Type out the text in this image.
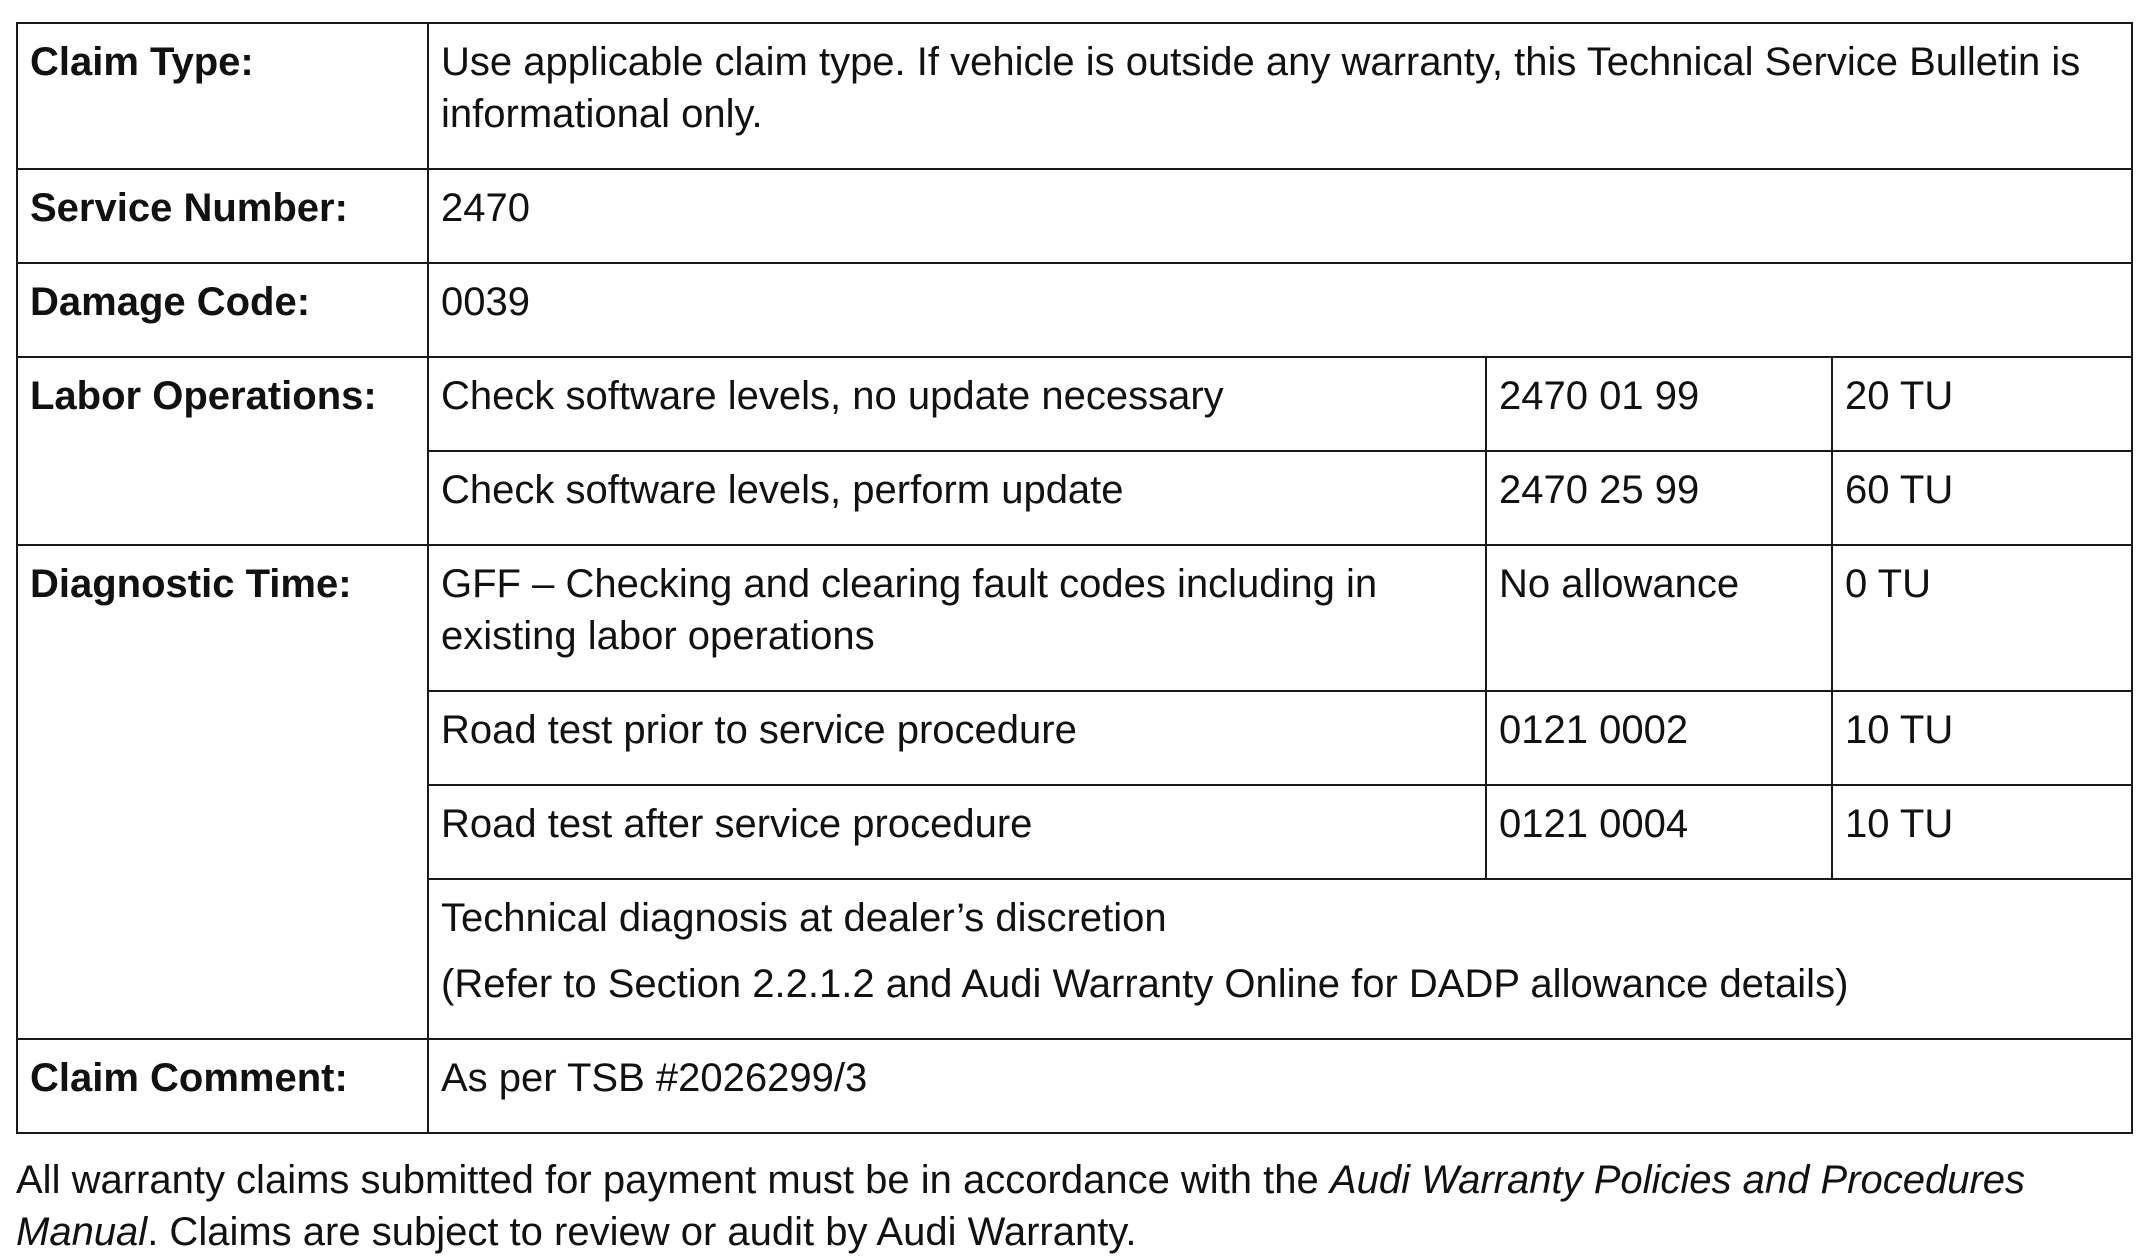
Claim Type:	Use applicable claim type. If vehicle is outside any warranty, this Technical Service Bulletin is informational only.		
Service Number:	2470		
Damage Code:	0039		
Labor Operations:	Check software levels, no update necessary	2470 01 99	20 TU
	Check software levels, perform update	2470 25 99	60 TU
Diagnostic Time:	GFF – Checking and clearing fault codes including in existing labor operations	No allowance	0 TU
	Road test prior to service procedure	0121 0002	10 TU
	Road test after service procedure	0121 0004	10 TU

	Technical diagnosis at dealer’s discretion
(Refer to Section 2.2.1.2 and Audi Warranty Online for DADP allowance details)		

Claim Comment:	As per TSB #2026299/3		
All warranty claims submitted for payment must be in accordance with the Audi Warranty Policies and Procedures Manual. Claims are subject to review or audit by Audi Warranty.
